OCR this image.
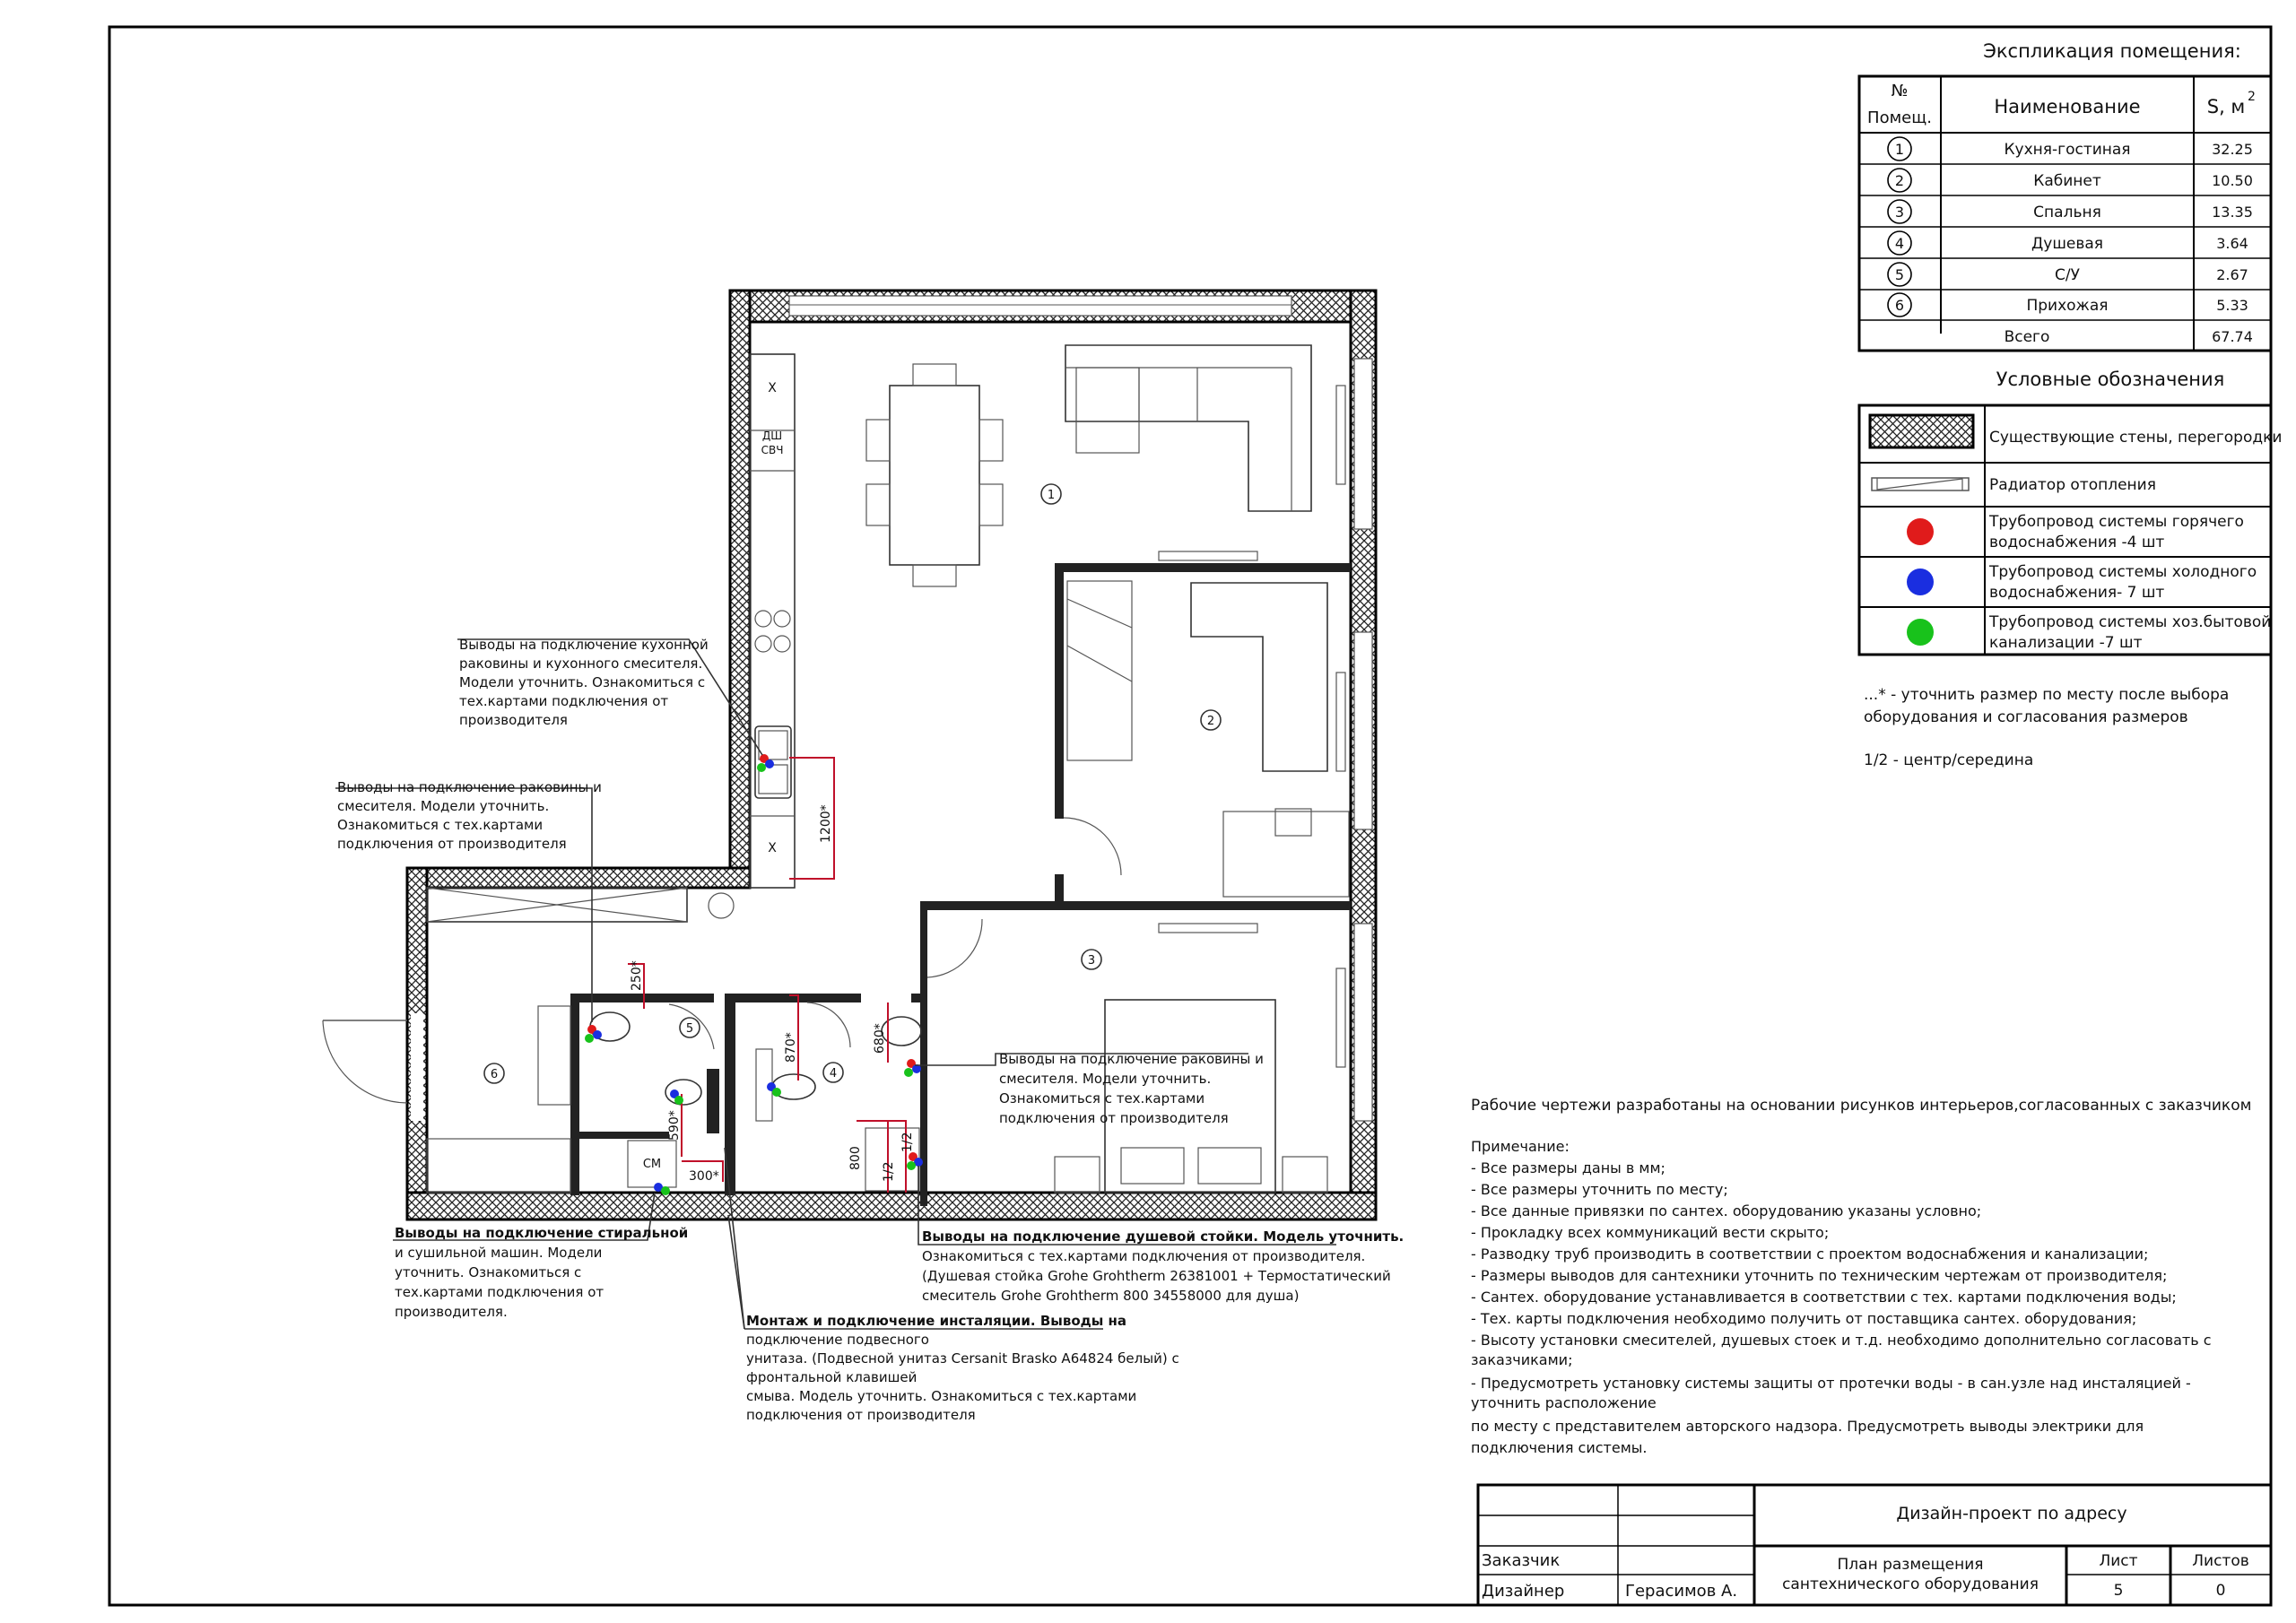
Экспликация помещения:
№
Помещ.
Наименование	S, м 2
1	Кухня-гостиная	32.25
2	Кабинет	10.50
3	Спальня	13.35
4	Душевая	3.64
5	С/У	2.67
6	Прихожая	5.33
Всего	67.74
Условные обозначения
Существующие стены, перегородки
Радиатор отопления
Трубопровод системы горячего
водоснабжения -4 шт
Трубопровод системы холодного
водоснабжения- 7 шт
Трубопровод системы хоз.бытовой
канализации -7 шт
...* - уточнить размер по месту после выбора
оборудования и согласования размеров
1/2 - центр/середина
Рабочие чертежи разработаны на основании рисунков интерьеров,согласованных с заказчиком
Примечание:
- Все размеры даны в мм;
- Все размеры уточнить по месту;
- Все данные привязки по сантех. оборудованию указаны условно;
- Прокладку всех коммуникаций вести скрыто;
- Разводку труб производить в соответствии с проектом водоснабжения и канализации;
- Размеры выводов для сантехники уточнить по техническим чертежам от производителя;
- Сантех. оборудование устанавливается в соответствии с тех. картами подключения воды;
- Тех. карты подключения необходимо получить от поставщика сантех. оборудования;
- Высоту установки смесителей, душевых стоек и т.д. необходимо дополнительно согласовать с
заказчиками;
- Предусмотреть установку системы защиты от протечки воды - в сан.узле над инсталяцией -
уточнить расположение
по месту с представителем авторского надзора. Предусмотреть выводы электрики для
подключения системы.
Дизайн-проект по адресу
Заказчик
Дизайнер	Герасимов А.
План размещения
сантехнического оборудования
Лист
5
Листов
0
Х
ДШ
СВЧ
Х
СМ
1
2
3
4
5
6
1200*
250*
870*	680*
590*
300*
800
1/2
1/2
Выводы на подключение кухонной
раковины и кухонного смесителя.
Модели уточнить. Ознакомиться с
тех.картами подключения от
производителя
Выводы на подключение раковины и
смесителя. Модели уточнить.
Ознакомиться с тех.картами
подключения от производителя
Выводы на подключение раковины и
смесителя. Модели уточнить.
Ознакомиться с тех.картами
подключения от производителя
Выводы на подключение стиральной
и сушильной машин. Модели
уточнить. Ознакомиться с
тех.картами подключения от
производителя.
Монтаж и подключение инсталяции. Выводы на
подключение подвесного
унитаза. (Подвесной унитаз Cersanit Brasko A64824 белый) с
фронтальной клавишей
смыва. Модель уточнить. Ознакомиться с тех.картами
подключения от производителя
Выводы на подключение душевой стойки. Модель уточнить.
Ознакомиться с тех.картами подключения от производителя.
(Душевая стойка Grohe Grohtherm 26381001 + Термостатический
смеситель Grohe Grohtherm 800 34558000 для душа)
